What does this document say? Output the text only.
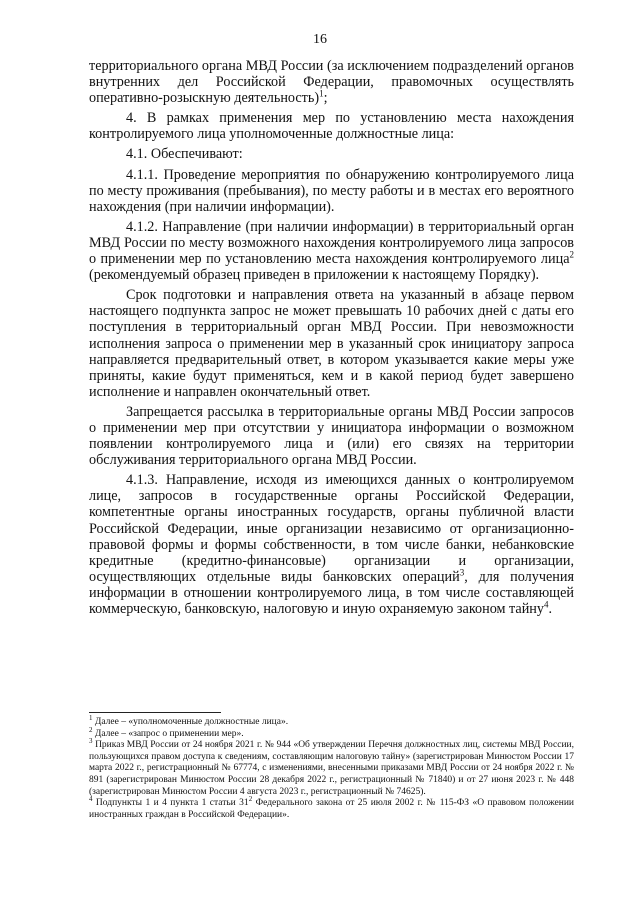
16

территориального органа МВД России (за исключением подразделений органов внутренних дел Российской Федерации, правомочных осуществлять оперативно-розыскную деятельность)$^1$;

4. В рамках применения мер по установлению места нахождения контролируемого лица уполномоченные должностные лица:

4.1. Обеспечивают:

4.1.1. Проведение мероприятия по обнаружению контролируемого лица по месту проживания (пребывания), по месту работы и в местах его вероятного нахождения (при наличии информации).

4.1.2. Направление (при наличии информации) в территориальный орган МВД России по месту возможного нахождения контролируемого лица запросов о применении мер по установлению места нахождения контролируемого лица$^2$ (рекомендуемый образец приведен в приложении к настоящему Порядку).

Срок подготовки и направления ответа на указанный в абзаце первом настоящего подпункта запрос не может превышать 10 рабочих дней с даты его поступления в территориальный орган МВД России. При невозможности исполнения запроса о применении мер в указанный срок инициатору запроса направляется предварительный ответ, в котором указывается какие меры уже приняты, какие будут применяться, кем и в какой период будет завершено исполнение и направлен окончательный ответ.

Запрещается рассылка в территориальные органы МВД России запросов о применении мер при отсутствии у инициатора информации о возможном появлении контролируемого лица и (или) его связях на территории обслуживания территориального органа МВД России.

4.1.3. Направление, исходя из имеющихся данных о контролируемом лице, запросов в государственные органы Российской Федерации, компетентные органы иностранных государств, органы публичной власти Российской Федерации, иные организации независимо от организационно-правовой формы и формы собственности, в том числе банки, небанковские кредитные (кредитно-финансовые) организации и организации, осуществляющих отдельные виды банковских операций$^3$, для получения информации в отношении контролируемого лица, в том числе составляющей коммерческую, банковскую, налоговую и иную охраняемую законом тайну$^4$.

$^1$ Далее – «уполномоченные должностные лица».

$^2$ Далее – «запрос о применении мер».

$^3$ Приказ МВД России от 24 ноября 2021 г. № 944 «Об утверждении Перечня должностных лиц, системы МВД России, пользующихся правом доступа к сведениям, составляющим налоговую тайну» (зарегистрирован Минюстом России 17 марта 2022 г., регистрационный № 67774, с изменениями, внесенными приказами МВД России от 24 ноября 2022 г. № 891 (зарегистрирован Минюстом России 28 декабря 2022 г., регистрационный № 71840) и от 27 июня 2023 г. № 448 (зарегистрирован Минюстом России 4 августа 2023 г., регистрационный № 74625).

$^4$ Подпункты 1 и 4 пункта 1 статьи $31^2$ Федерального закона от 25 июля 2002 г. № 115-ФЗ «О правовом положении иностранных граждан в Российской Федерации».
